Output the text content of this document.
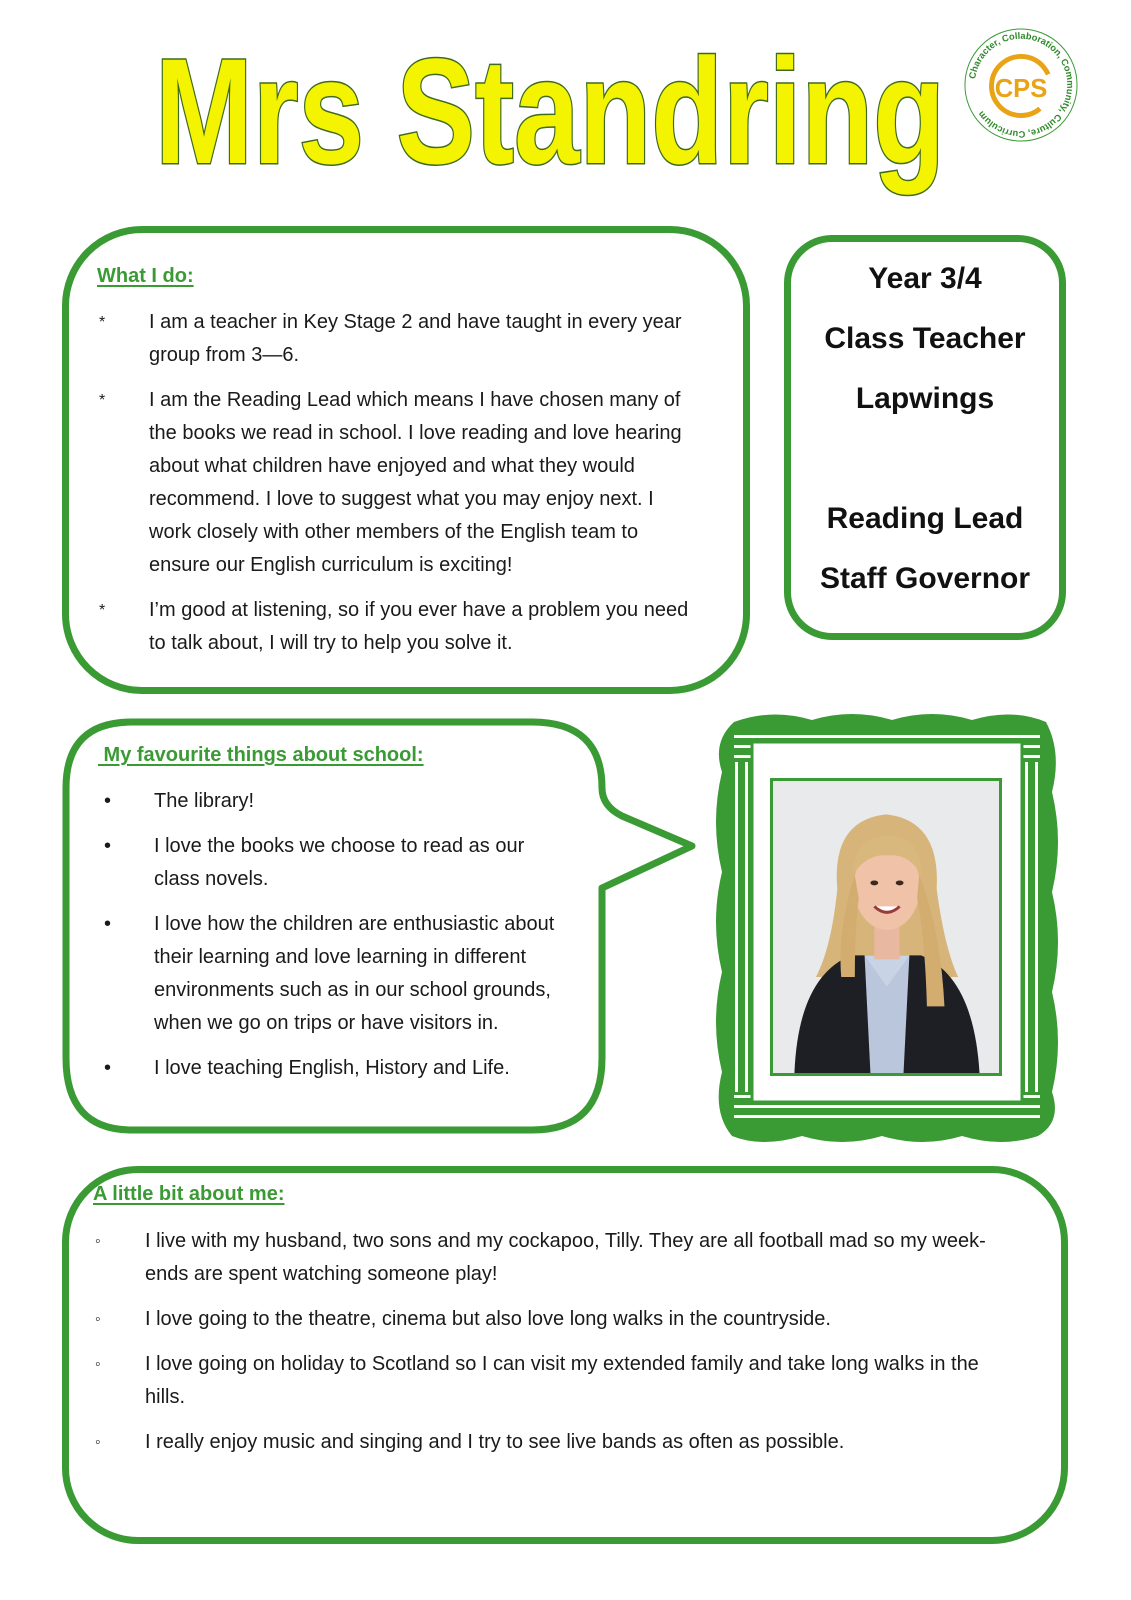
Mrs Standring Character, Collaboration, Community, Culture, Curriculum
CPS
What I do:
* I am a teacher in Key Stage 2 and have taught in every year
group from 3—6.
* I am the Reading Lead which means I have chosen many of
the books we read in school. I love reading and love hearing
about what children have enjoyed and what they would
recommend. I love to suggest what you may enjoy next. I
work closely with other members of the English team to
ensure our English curriculum is exciting!
* I’m good at listening, so if you ever have a problem you need
to talk about, I will try to help you solve it.
Year 3/4
Class Teacher
Lapwings
Reading Lead
Staff Governor
My favourite things about school:
• The library!
• I love the books we choose to read as our
class novels.
• I love how the children are enthusiastic about
their learning and love learning in different
environments such as in our school grounds,
when we go on trips or have visitors in.
• I love teaching English, History and Life.
A little bit about me:
◦ I live with my husband, two sons and my cockapoo, Tilly. They are all football mad so my week-
ends are spent watching someone play!
◦ I love going to the theatre, cinema but also love long walks in the countryside.
◦ I love going on holiday to Scotland so I can visit my extended family and take long walks in the
hills.
◦ I really enjoy music and singing and I try to see live bands as often as possible.
